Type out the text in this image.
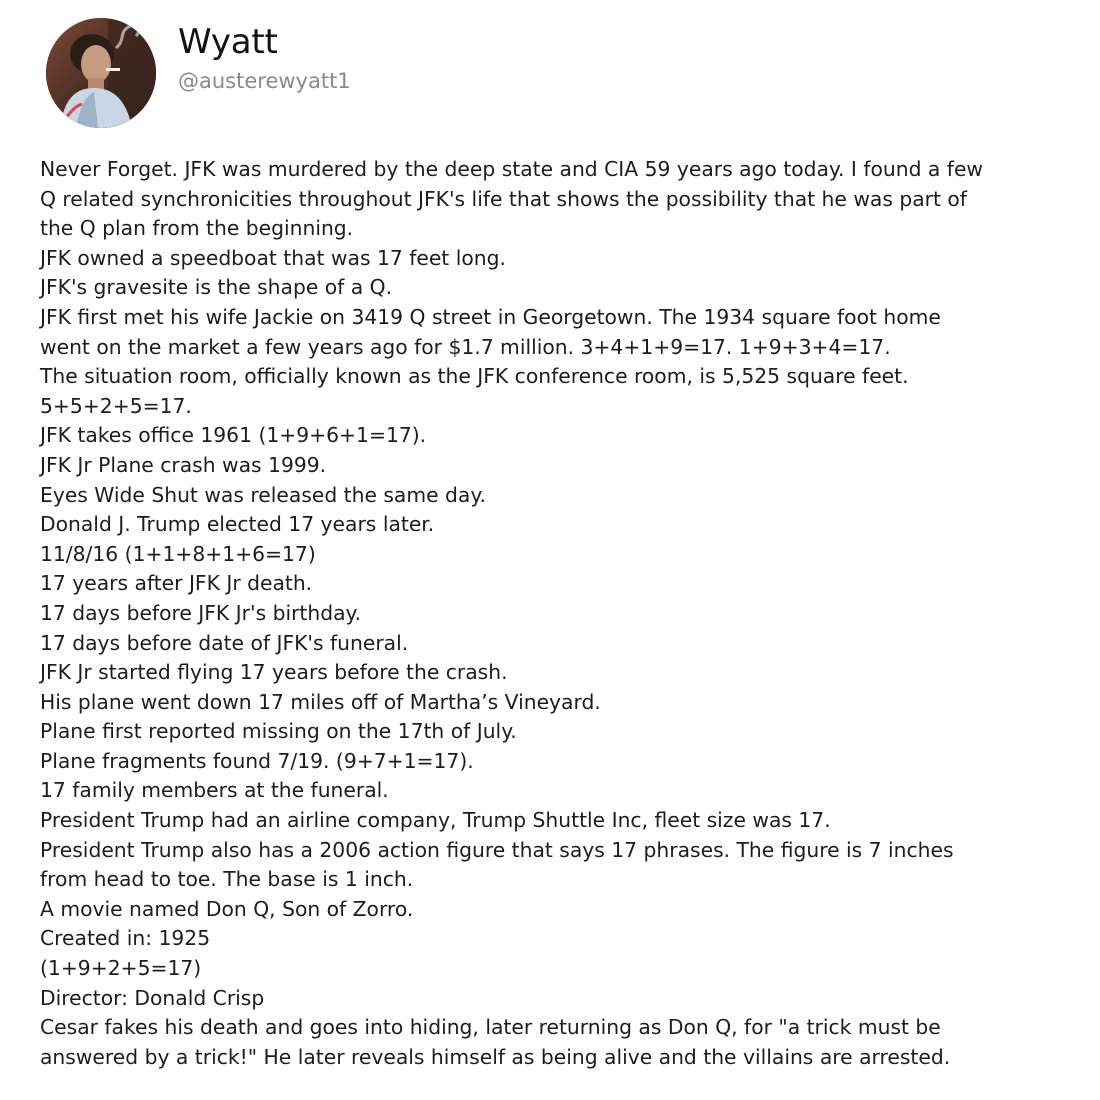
Wyatt
@austerewyatt1
Never Forget. JFK was murdered by the deep state and CIA 59 years ago today. I found a few
Q related synchronicities throughout JFK's life that shows the possibility that he was part of
the Q plan from the beginning.
JFK owned a speedboat that was 17 feet long.
JFK's gravesite is the shape of a Q.
JFK first met his wife Jackie on 3419 Q street in Georgetown. The 1934 square foot home
went on the market a few years ago for $1.7 million. 3+4+1+9=17. 1+9+3+4=17.
The situation room, officially known as the JFK conference room, is 5,525 square feet.
5+5+2+5=17.
JFK takes office 1961 (1+9+6+1=17).
JFK Jr Plane crash was 1999.
Eyes Wide Shut was released the same day.
Donald J. Trump elected 17 years later.
11/8/16 (1+1+8+1+6=17)
17 years after JFK Jr death.
17 days before JFK Jr's birthday.
17 days before date of JFK's funeral.
JFK Jr started flying 17 years before the crash.
His plane went down 17 miles off of Martha’s Vineyard.
Plane first reported missing on the 17th of July.
Plane fragments found 7/19. (9+7+1=17).
17 family members at the funeral.
President Trump had an airline company, Trump Shuttle Inc, fleet size was 17.
President Trump also has a 2006 action figure that says 17 phrases. The figure is 7 inches
from head to toe. The base is 1 inch.
A movie named Don Q, Son of Zorro.
Created in: 1925
(1+9+2+5=17)
Director: Donald Crisp
Cesar fakes his death and goes into hiding, later returning as Don Q, for "a trick must be
answered by a trick!" He later reveals himself as being alive and the villains are arrested.
